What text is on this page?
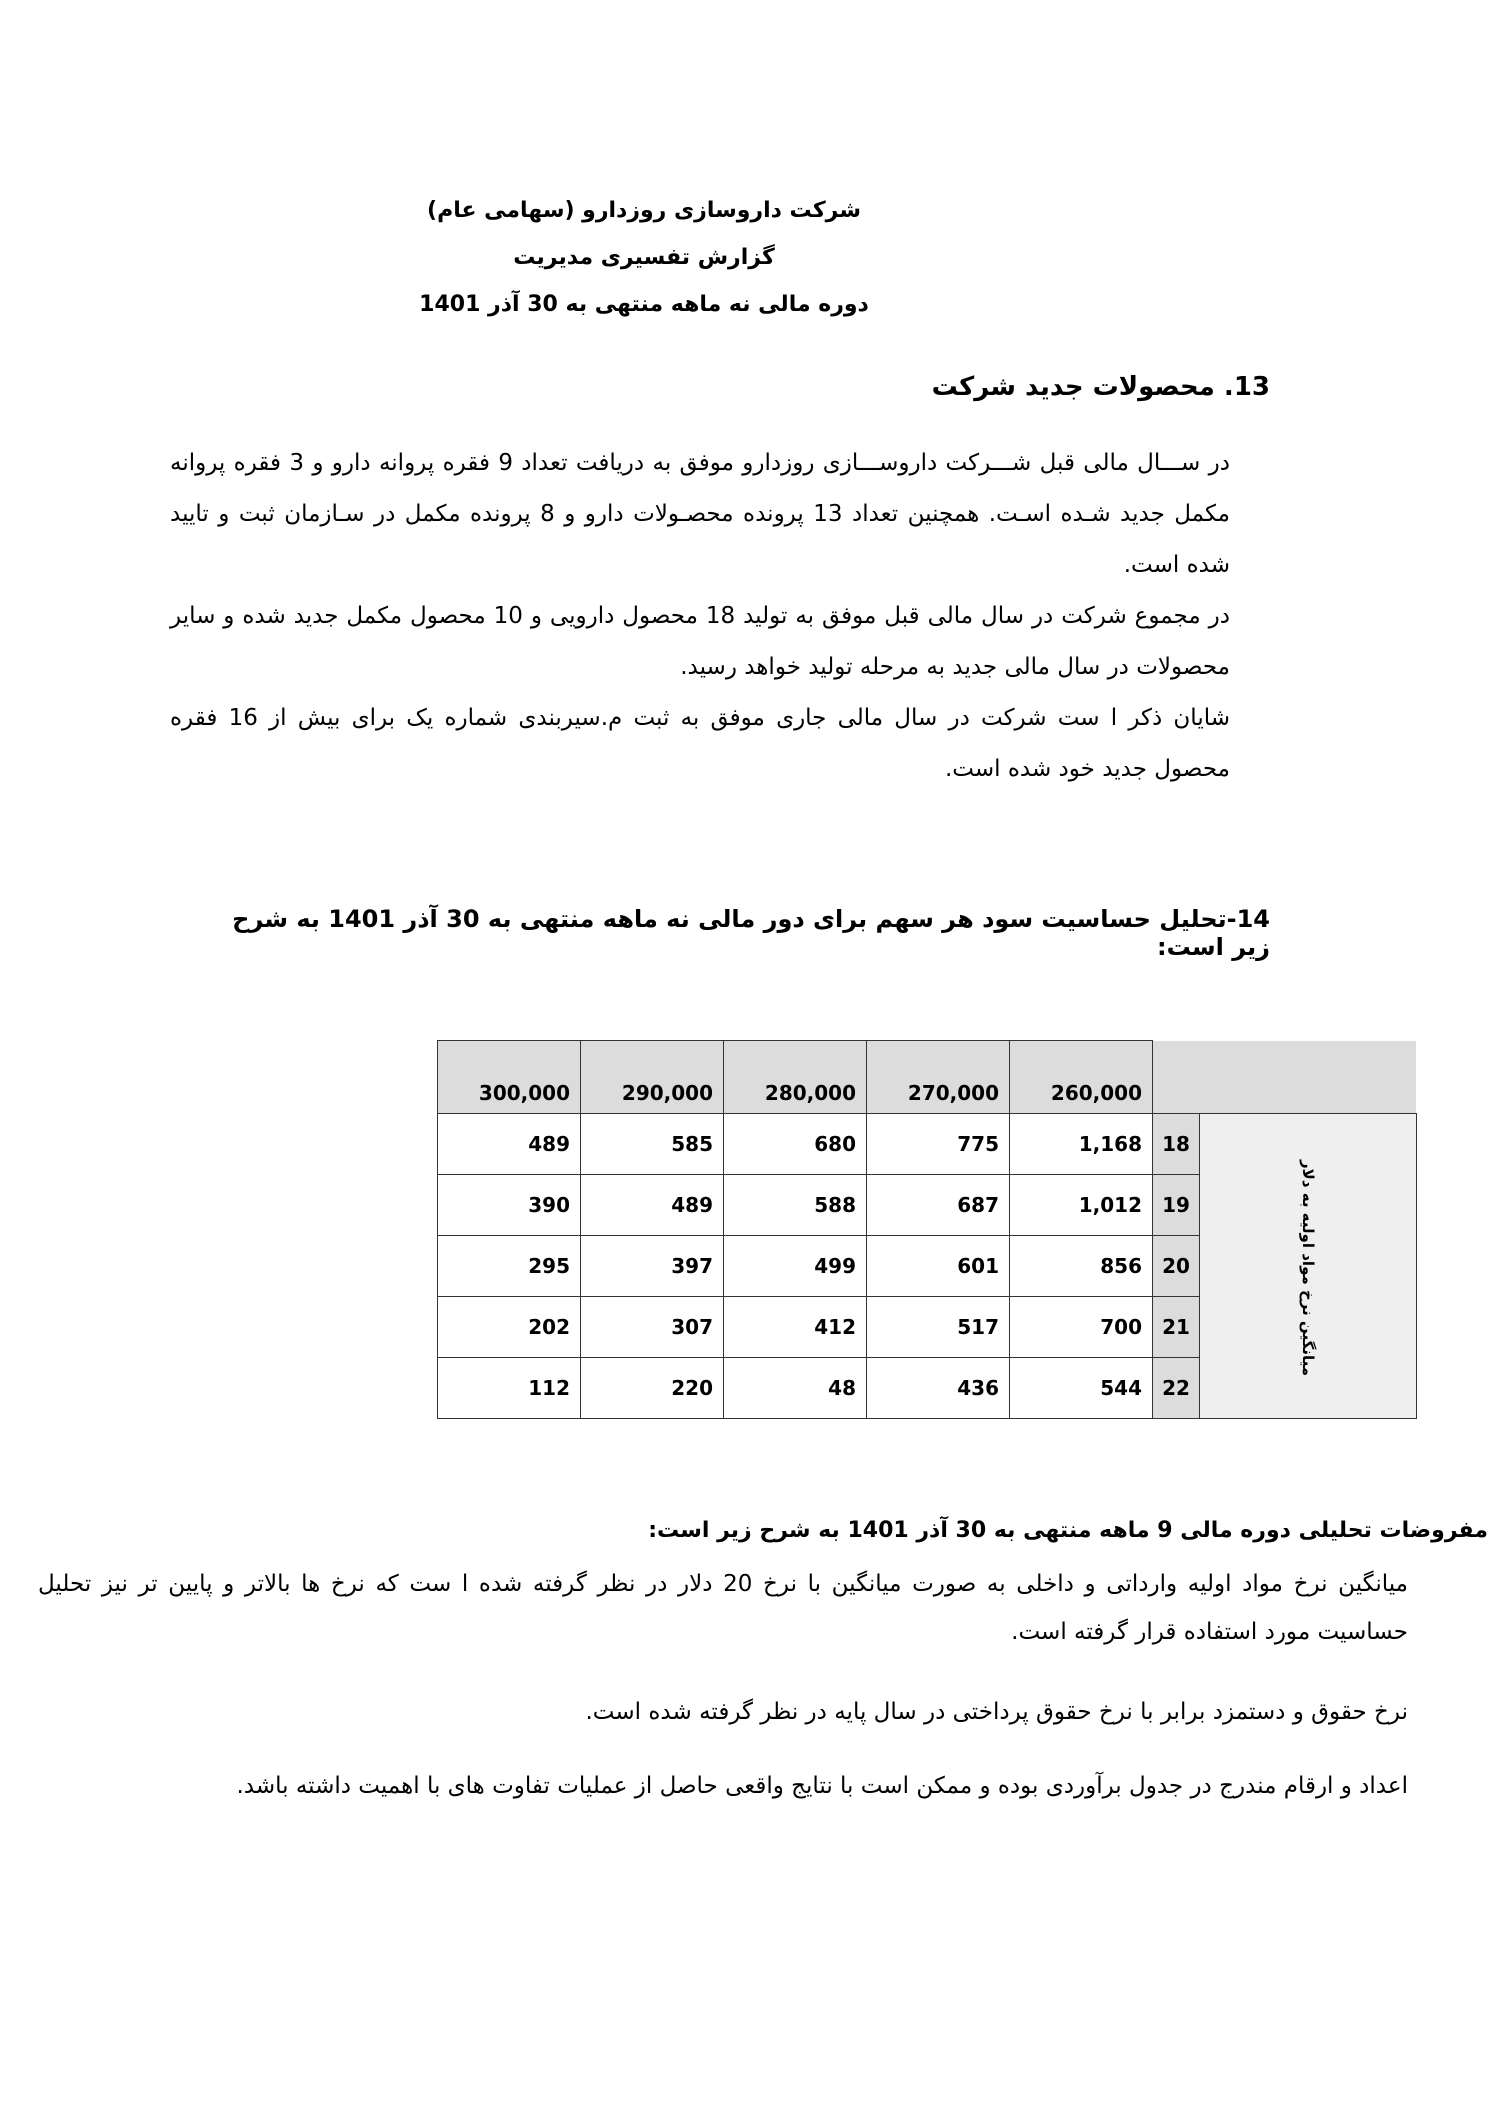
شرکت داروسازی روزدارو (سهامی عام)
گزارش تفسیری مدیریت
دوره مالی نه ماهه منتهی به 30 آذر 1401
13. محصولات جدید شرکت

در ســـال مالی قبل شـــرکت داروســـازی روزدارو موفق به دریافت تعداد 9 فقره پروانه دارو و 3 فقره پروانه مکمل جدید شـده اسـت. همچنین تعداد 13 پرونده محصـولات دارو و 8 پرونده مکمل در سـازمان ثبت و تایید شده است.

در مجموع شرکت در سال مالی قبل موفق به تولید 18 محصول دارویی و 10 محصول مکمل جدید شده و سایر محصولات در سال مالی جدید به مرحله تولید خواهد رسید.

شایان ذکر ا ست شرکت در سال مالی جاری موفق به ثبت م.سیربندی شماره یک برای بیش از 16 فقره محصول جدید خود شده است.

14-تحلیل حساسیت سود هر سهم برای دور مالی نه ماهه منتهی به 30 آذر 1401 به شرح زیر است:
300,000	290,000	280,000	270,000	260,000		
489	585	680	775	1,168	18	میانگین نرخ مواد اولیه به دلار
390	489	588	687	1,012	19	
295	397	499	601	856	20	
202	307	412	517	700	21	
112	220	48	436	544	22	
مفروضات تحلیلی دوره مالی 9 ماهه منتهی به 30 آذر 1401 به شرح زیر است:

میانگین نرخ مواد اولیه وارداتی و داخلی به صورت میانگین با نرخ 20 دلار در نظر گرفته شده ا ست که نرخ ها بالاتر و پایین تر نیز تحلیل حساسیت مورد استفاده قرار گرفته است.

نرخ حقوق و دستمزد برابر با نرخ حقوق پرداختی در سال پایه در نظر گرفته شده است.

اعداد و ارقام مندرج در جدول برآوردی بوده و ممکن است با نتایج واقعی حاصل از عملیات تفاوت های با اهمیت داشته باشد.
